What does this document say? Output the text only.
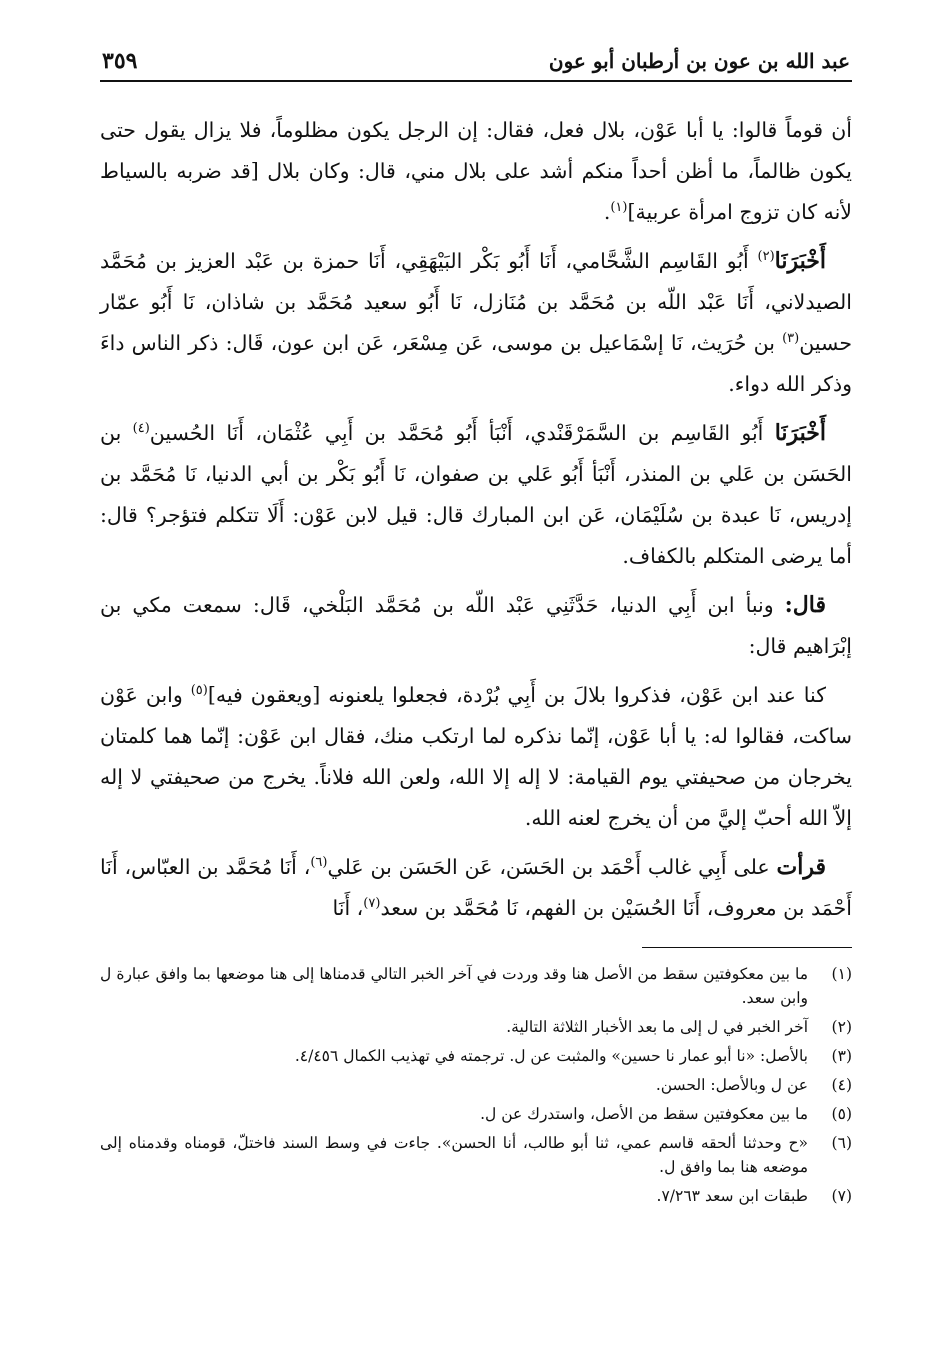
عبد الله بن عون بن أرطبان أبو عون
٣٥٩

أن قوماً قالوا: يا أبا عَوْن، بلال فعل، فقال: إن الرجل يكون مظلوماً، فلا يزال يقول حتى يكون ظالماً، ما أظن أحداً منكم أشد على بلال مني، قال: وكان بلال [قد ضربه بالسياط لأنه كان تزوج امرأة عربية]$^{(١)}$.

أَخْبَرَنَا$^{(٢)}$ أَبُو القَاسِم الشَّحَّامي، أَنَا أَبُو بَكْر البَيْهَقِي، أَنَا حمزة بن عَبْد العزيز بن مُحَمَّد الصيدلاني، أَنَا عَبْد اللّه بن مُحَمَّد بن مُنَازل، نَا أَبُو سعيد مُحَمَّد بن شاذان، نَا أَبُو عمّار حسين$^{(٣)}$ بن حُرَيث، نَا إسْمَاعيل بن موسى، عَن مِسْعَر، عَن ابن عون، قَال: ذكر الناس داءَ وذكر الله دواء.

أَخْبَرَنَا أَبُو القَاسِم بن السَّمَرْقَنْدي، أَنْبَأ أَبُو مُحَمَّد بن أَبِي عُثْمَان، أَنَا الحُسين$^{(٤)}$ بن الحَسَن بن عَلي بن المنذر، أَنْبَأ أَبُو عَلي بن صفوان، نَا أَبُو بَكْر بن أبي الدنيا، نَا مُحَمَّد بن إدريس، نَا عبدة بن سُلَيْمَان، عَن ابن المبارك قال: قيل لابن عَوْن: أَلَا تتكلم فتؤجر؟ قال: أما يرضى المتكلم بالكفاف.

قال: ونبأ ابن أَبِي الدنيا، حَدَّثَنِي عَبْد اللّه بن مُحَمَّد البَلْخي، قَال: سمعت مكي بن إبْرَاهيم قال:

كنا عند ابن عَوْن، فذكروا بلالَ بن أَبِي بُرْدة، فجعلوا يلعنونه [ويعقون فيه]$^{(٥)}$ وابن عَوْن ساكت، فقالوا له: يا أبا عَوْن، إنّما نذكره لما ارتكب منك، فقال ابن عَوْن: إنّما هما كلمتان يخرجان من صحيفتي يوم القيامة: لا إله إلا الله، ولعن الله فلاناً. يخرج من صحيفتي لا إله إلاّ الله أحبّ إليَّ من أن يخرج لعنه الله.

قرأت على أَبِي غالب أَحْمَد بن الحَسَن، عَن الحَسَن بن عَلي$^{(٦)}$، أَنَا مُحَمَّد بن العبّاس، أَنَا أَحْمَد بن معروف، أَنَا الحُسَيْن بن الفهم، نَا مُحَمَّد بن سعد$^{(٧)}$، أَنَا

(١)
ما بين معكوفتين سقط من الأصل هنا وقد وردت في آخر الخبر التالي قدمناها إلى هنا موضعها بما وافق عبارة ل وابن سعد.
(٢)
آخر الخبر في ل إلى ما بعد الأخبار الثلاثة التالية.
(٣)
بالأصل: «نا أبو عمار نا حسين» والمثبت عن ل. ترجمته في تهذيب الكمال ٤/٤٥٦.
(٤)
عن ل وبالأصل: الحسن.
(٥)
ما بين معكوفتين سقط من الأصل، واستدرك عن ل.
(٦)
«ح وحدثنا ألحقه قاسم عمي، ثنا أبو طالب، أنا الحسن». جاءت في وسط السند فاختلّ، قومناه وقدمناه إلى موضعه هنا بما وافق ل.
(٧)
طبقات ابن سعد ٧/٢٦٣.
